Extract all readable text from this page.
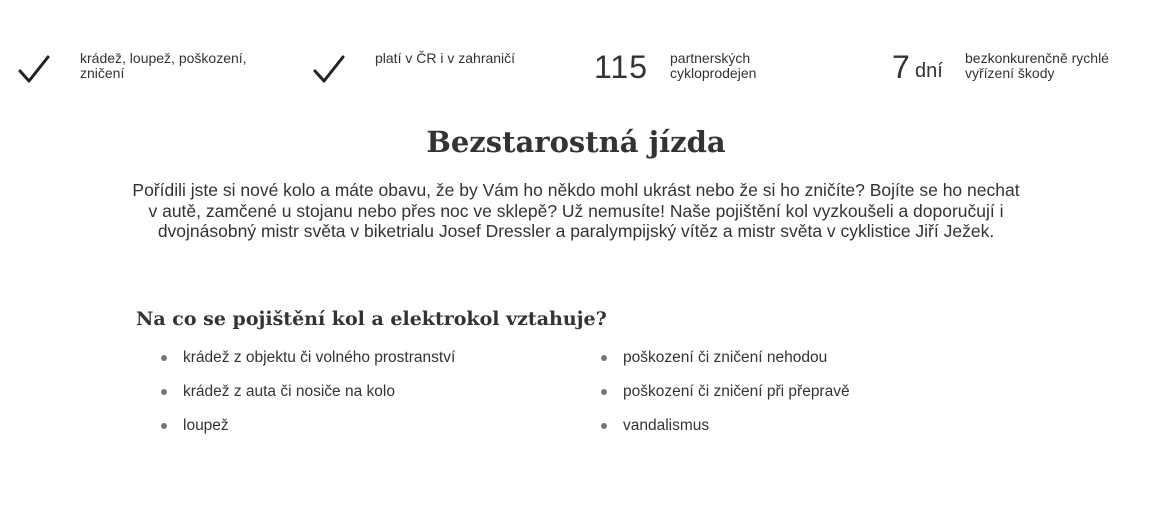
krádež, loupež, poškození, zničení
platí v ČR i v zahraničí	115 partnerských cykloprodejen	7 dní
bezkonkurenčně rychlé vyřízení škody
Bezstarostná jízda

Pořídili jste si nové kolo a máte obavu, že by Vám ho někdo mohl ukrást nebo že si ho zničíte? Bojíte se ho nechat v autě, zamčené u stojanu nebo přes noc ve sklepě? Už nemusíte! Naše pojištění kol vyzkoušeli a doporučují i dvojnásobný mistr světa v biketrialu Josef Dressler a paralympijský vítěz a mistr světa v cyklistice Jiří Ježek.

Na co se pojištění kol a elektrokol vztahuje?
krádež z objektu či volného prostranství
krádež z auta či nosiče na kolo
loupež
poškození či zničení nehodou
poškození či zničení při přepravě
vandalismus
